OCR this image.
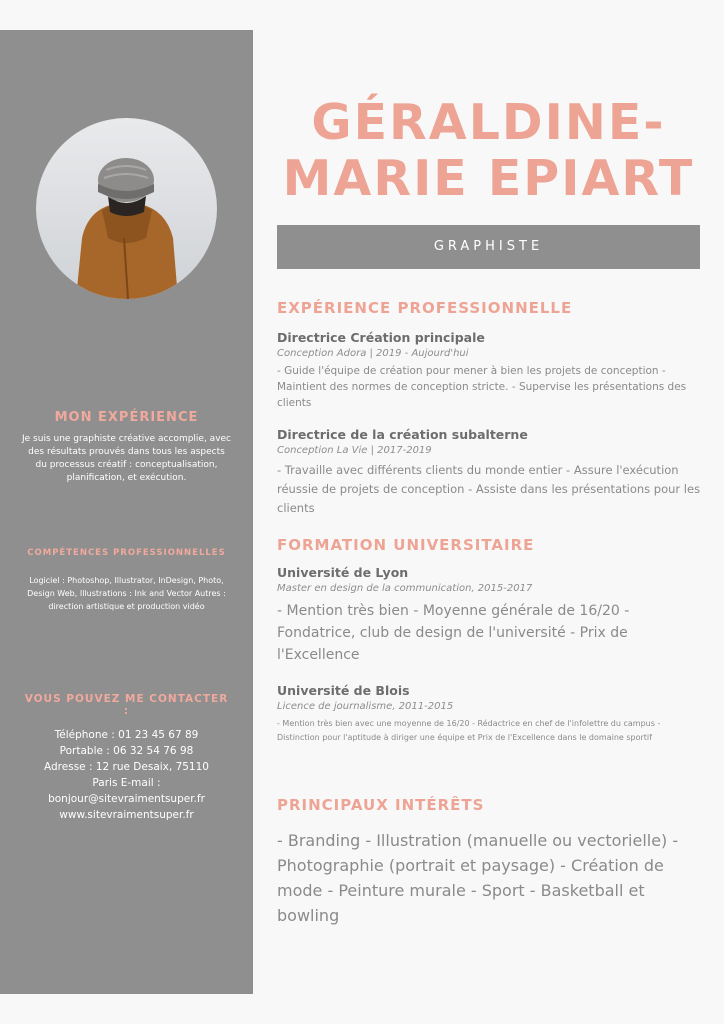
MON EXPÉRIENCE
Je suis une graphiste créative accomplie, avec des résultats prouvés dans tous les aspects du processus créatif : conceptualisation, planification, et exécution.
COMPÉTENCES PROFESSIONNELLES
Logiciel : Photoshop, Illustrator, InDesign, Photo, Design Web, Illustrations : Ink and Vector Autres : direction artistique et production vidéo
VOUS POUVEZ ME CONTACTER :
Téléphone : 01 23 45 67 89
Portable : 06 32 54 76 98
Adresse : 12 rue Desaix, 75110 Paris E-mail : bonjour@sitevraimentsuper.fr
www.sitevraimentsuper.fr
GÉRALDINE-
MARIE EPIART
GRAPHISTE
EXPÉRIENCE PROFESSIONNELLE
Directrice Création principale
Conception Adora | 2019 - Aujourd'hui
- Guide l'équipe de création pour mener à bien les projets de conception - Maintient des normes de conception stricte. - Supervise les présentations des clients
Directrice de la création subalterne
Conception La Vie | 2017-2019
- Travaille avec différents clients du monde entier - Assure l'exécution réussie de projets de conception - Assiste dans les présentations pour les clients
FORMATION UNIVERSITAIRE
Université de Lyon
Master en design de la communication, 2015-2017
- Mention très bien - Moyenne générale de 16/20 - Fondatrice, club de design de l'université - Prix de l'Excellence
Université de Blois
Licence de journalisme, 2011-2015
- Mention très bien avec une moyenne de 16/20 - Rédactrice en chef de l'infolettre du campus - Distinction pour l'aptitude à diriger une équipe et Prix de l'Excellence dans le domaine sportif
PRINCIPAUX INTÉRÊTS
- Branding - Illustration (manuelle ou vectorielle) - Photographie (portrait et paysage) - Création de mode - Peinture murale - Sport - Basketball et bowling
